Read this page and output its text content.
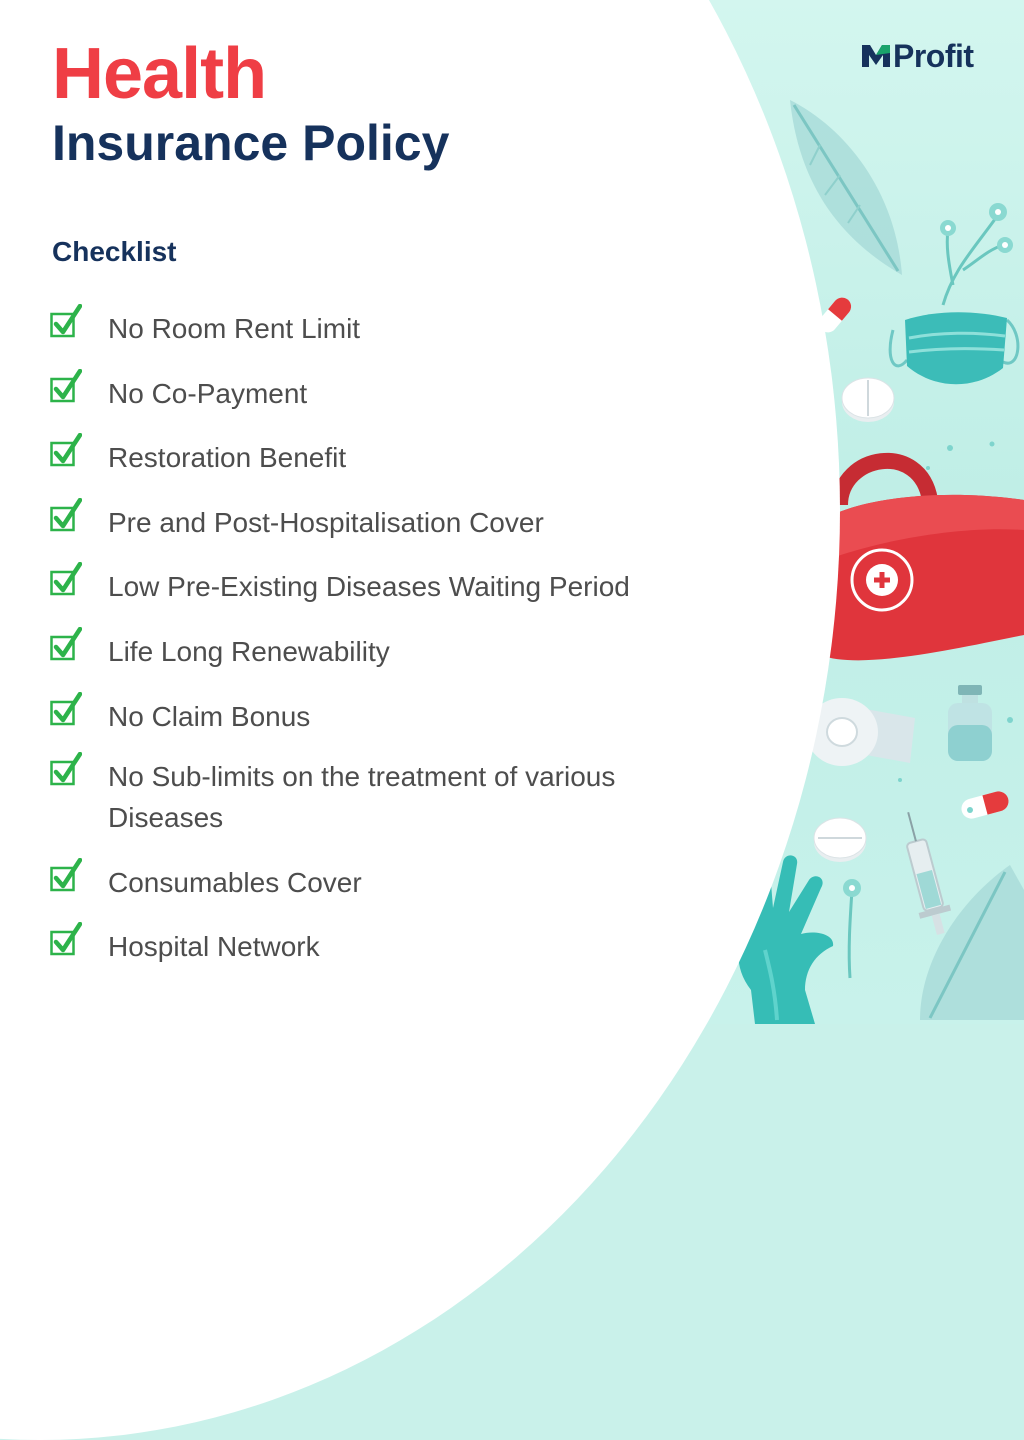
Profit
Health
Insurance Policy
Checklist
No Room Rent Limit
No Co-Payment
Restoration Benefit
Pre and Post-Hospitalisation Cover
Low Pre-Existing Diseases Waiting Period
Life Long Renewability
No Claim Bonus
No Sub-limits on the treatment of various Diseases
Consumables Cover
Hospital Network
